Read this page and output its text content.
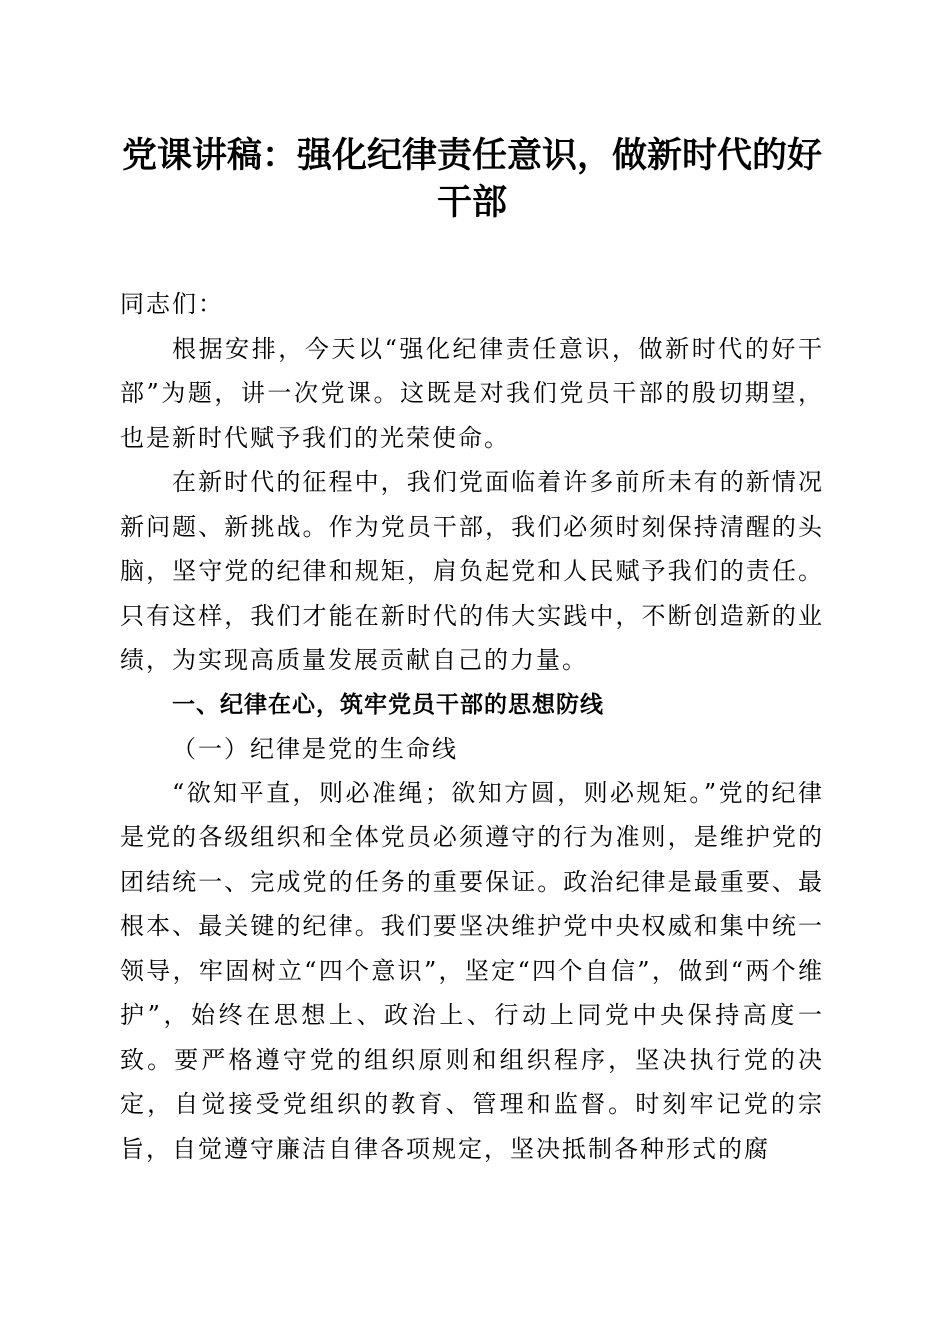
党课讲稿：强化纪律责任意识，做新时代的好
干部

同志们：

根据安排，今天以“强化纪律责任意识，做新时代的好干部”为题，讲一次党课。这既是对我们党员干部的殷切期望，也是新时代赋予我们的光荣使命。

在新时代的征程中，我们党面临着许多前所未有的新情况新问题、新挑战。作为党员干部，我们必须时刻保持清醒的头脑，坚守党的纪律和规矩，肩负起党和人民赋予我们的责任。只有这样，我们才能在新时代的伟大实践中，不断创造新的业绩，为实现高质量发展贡献自己的力量。

一、纪律在心，筑牢党员干部的思想防线

（一）纪律是党的生命线

“欲知平直，则必准绳；欲知方圆，则必规矩。”党的纪律是党的各级组织和全体党员必须遵守的行为准则，是维护党的团结统一、完成党的任务的重要保证。政治纪律是最重要、最根本、最关键的纪律。我们要坚决维护党中央权威和集中统一领导，牢固树立“四个意识”，坚定“四个自信”，做到“两个维护”，始终在思想上、政治上、行动上同党中央保持高度一致。要严格遵守党的组织原则和组织程序，坚决执行党的决定，自觉接受党组织的教育、管理和监督。时刻牢记党的宗旨，自觉遵守廉洁自律各项规定，坚决抵制各种形式的腐
